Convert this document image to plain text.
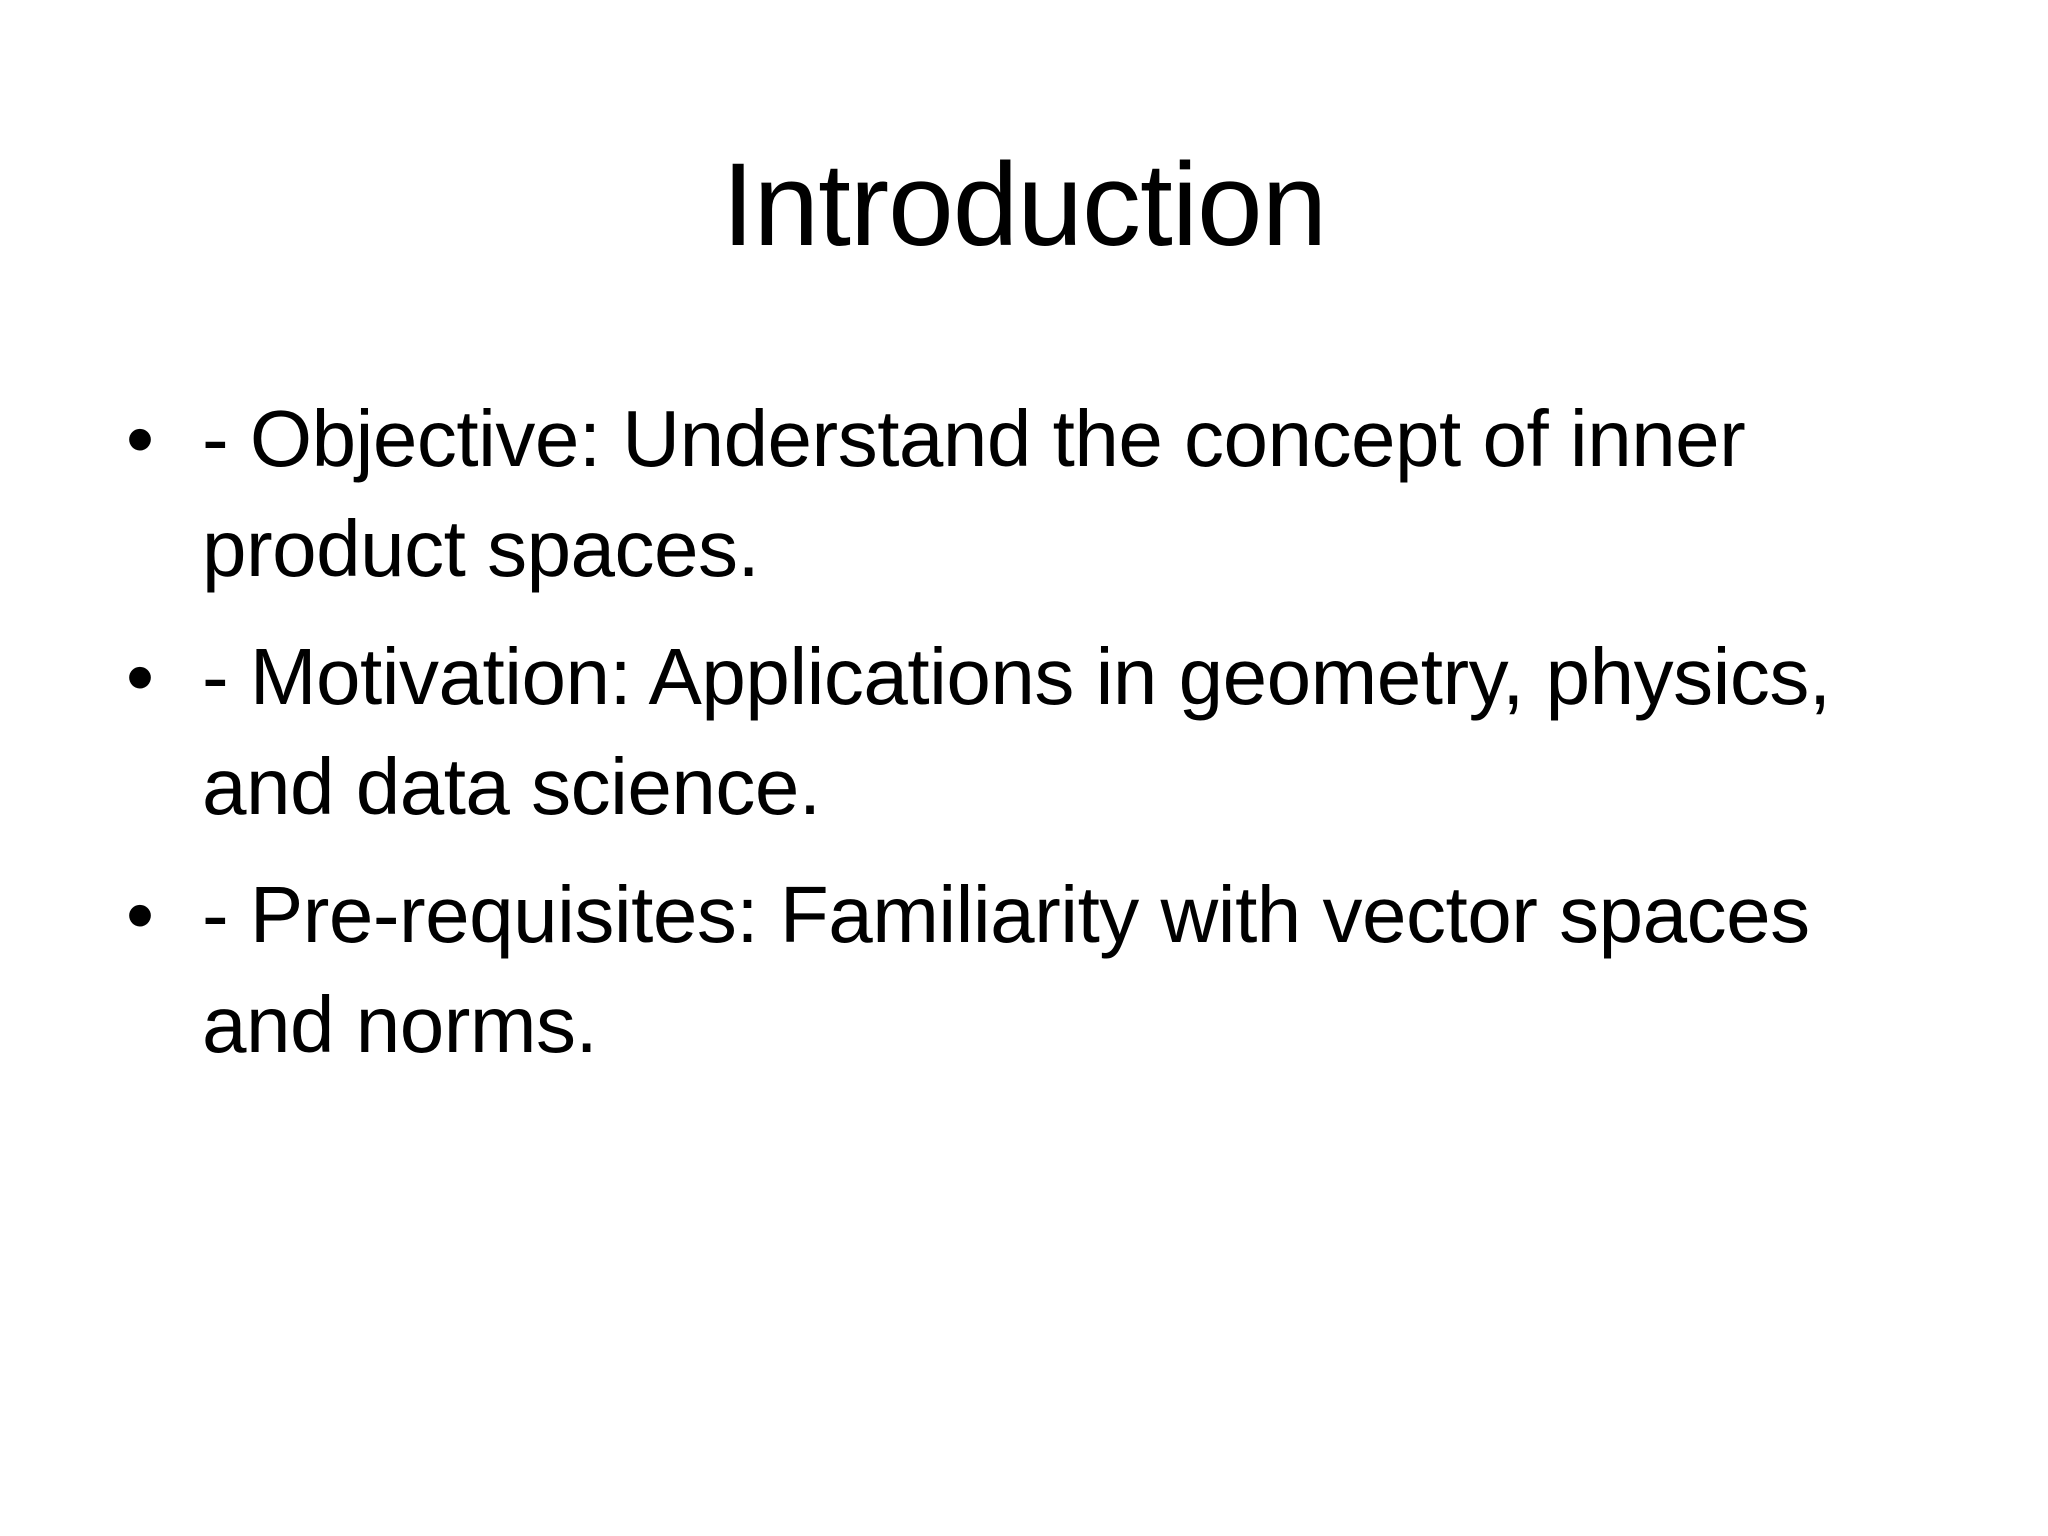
Introduction
• - Objective: Understand the concept of inner product spaces.
• - Motivation: Applications in geometry, physics, and data science.
• - Pre-requisites: Familiarity with vector spaces and norms.
